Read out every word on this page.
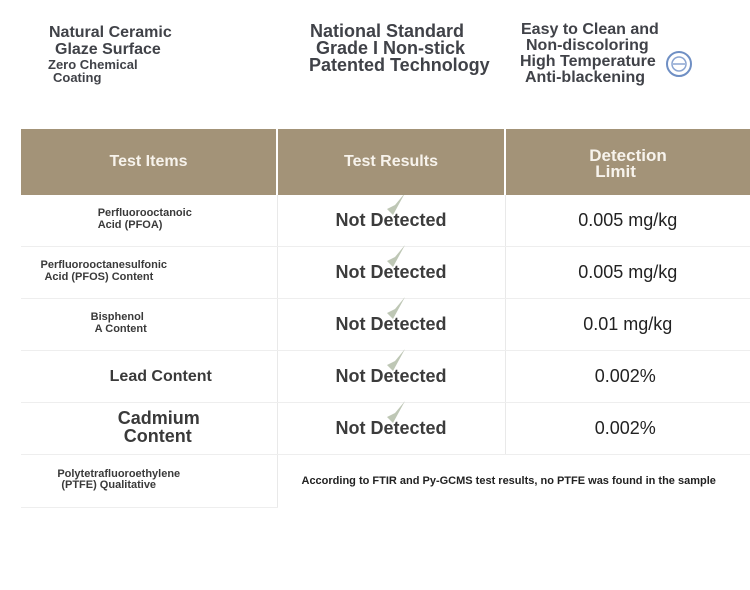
Natural Ceramic
Glaze Surface
Zero Chemical
Coating
National Standard
Grade I Non-stick
Patented Technology
Easy to Clean and
Non-discoloring
High Temperature
Anti-blackening
Test Items	Test Results	Detection
Limit

Perfluorooctanoic
Acid (PFOA)	Not Detected	0.005 mg/kg

Perfluorooctanesulfonic
Acid (PFOS) Content	Not Detected	0.005 mg/kg

Bisphenol
A Content	Not Detected	0.01 mg/kg

Lead Content	Not Detected	0.002%

Cadmium
Content	Not Detected	0.002%

Polytetrafluoroethylene
(PTFE) Qualitative	According to FTIR and Py-GCMS test results, no PTFE was found in the sample	
